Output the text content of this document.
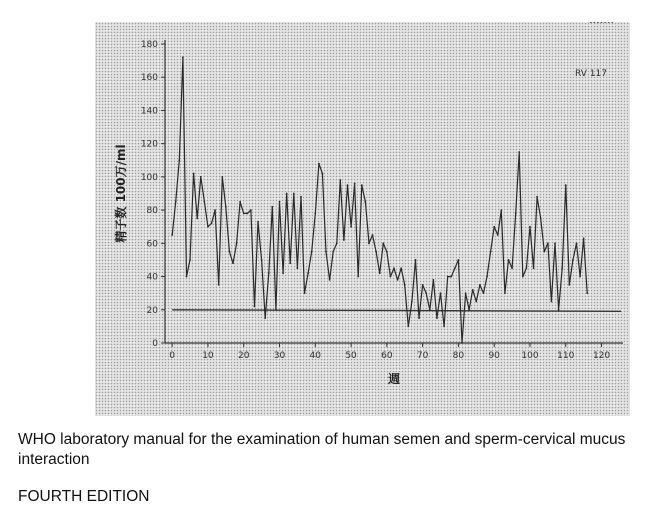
180
160
140
120
100
80
60
40
20
0
0	10	20	30	40	50	60	70	80	90 100 110 120
RV 117
精子数 100万/ml
週
WHO laboratory manual for the examination of human semen and sperm-cervical mucus interaction
FOURTH EDITION
